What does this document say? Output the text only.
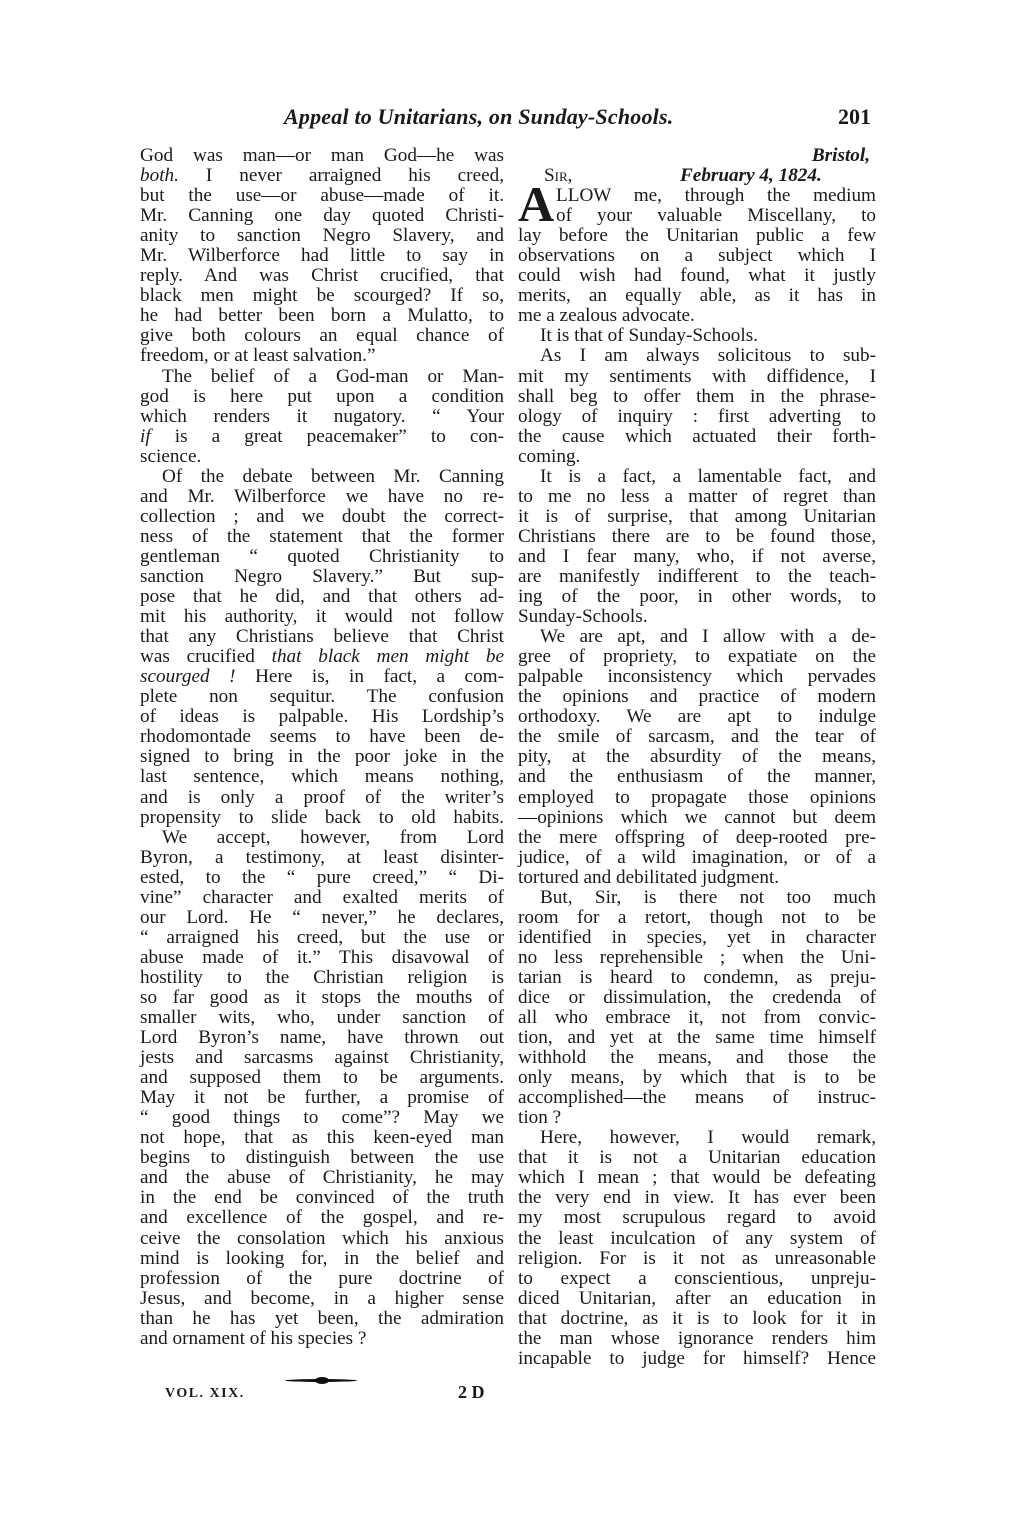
Appeal to Unitarians, on Sunday-Schools.	201
God was man—or man God—he was
both. I never arraigned his creed,
but the use—or abuse—made of it.
Mr. Canning one day quoted Christi-
anity to sanction Negro Slavery, and
Mr. Wilberforce had little to say in
reply. And was Christ crucified, that
black men might be scourged? If so,
he had better been born a Mulatto, to
give both colours an equal chance of
freedom, or at least salvation.”
The belief of a God-man or Man-
god is here put upon a condition
which renders it nugatory. “ Your
if is a great peacemaker” to con-
science.
Of the debate between Mr. Canning
and Mr. Wilberforce we have no re-
collection ; and we doubt the correct-
ness of the statement that the former
gentleman “ quoted Christianity to
sanction Negro Slavery.” But sup-
pose that he did, and that others ad-
mit his authority, it would not follow
that any Christians believe that Christ
was crucified that black men might be
scourged ! Here is, in fact, a com-
plete non sequitur. The confusion
of ideas is palpable. His Lordship’s
rhodomontade seems to have been de-
signed to bring in the poor joke in the
last sentence, which means nothing,
and is only a proof of the writer’s
propensity to slide back to old habits.
We accept, however, from Lord
Byron, a testimony, at least disinter-
ested, to the “ pure creed,” “ Di-
vine” character and exalted merits of
our Lord. He “ never,” he declares,
“ arraigned his creed, but the use or
abuse made of it.” This disavowal of
hostility to the Christian religion is
so far good as it stops the mouths of
smaller wits, who, under sanction of
Lord Byron’s name, have thrown out
jests and sarcasms against Christianity,
and supposed them to be arguments.
May it not be further, a promise of
“ good things to come”? May we
not hope, that as this keen-eyed man
begins to distinguish between the use
and the abuse of Christianity, he may
in the end be convinced of the truth
and excellence of the gospel, and re-
ceive the consolation which his anxious
mind is looking for, in the belief and
profession of the pure doctrine of
Jesus, and become, in a higher sense
than he has yet been, the admiration
and ornament of his species ?
Bristol,
Sir,	February 4, 1824.
A LLOW me, through the medium
of your valuable Miscellany, to
lay before the Unitarian public a few
observations on a subject which I
could wish had found, what it justly
merits, an equally able, as it has in
me a zealous advocate.
It is that of Sunday-Schools.
As I am always solicitous to sub-
mit my sentiments with diffidence, I
shall beg to offer them in the phrase-
ology of inquiry : first adverting to
the cause which actuated their forth-
coming.
It is a fact, a lamentable fact, and
to me no less a matter of regret than
it is of surprise, that among Unitarian
Christians there are to be found those,
and I fear many, who, if not averse,
are manifestly indifferent to the teach-
ing of the poor, in other words, to
Sunday-Schools.
We are apt, and I allow with a de-
gree of propriety, to expatiate on the
palpable inconsistency which pervades
the opinions and practice of modern
orthodoxy. We are apt to indulge
the smile of sarcasm, and the tear of
pity, at the absurdity of the means,
and the enthusiasm of the manner,
employed to propagate those opinions
—opinions which we cannot but deem
the mere offspring of deep-rooted pre-
judice, of a wild imagination, or of a
tortured and debilitated judgment.
But, Sir, is there not too much
room for a retort, though not to be
identified in species, yet in character
no less reprehensible ; when the Uni-
tarian is heard to condemn, as preju-
dice or dissimulation, the credenda of
all who embrace it, not from convic-
tion, and yet at the same time himself
withhold the means, and those the
only means, by which that is to be
accomplished—the means of instruc-
tion ?
Here, however, I would remark,
that it is not a Unitarian education
which I mean ; that would be defeating
the very end in view. It has ever been
my most scrupulous regard to avoid
the least inculcation of any system of
religion. For is it not as unreasonable
to expect a conscientious, unpreju-
diced Unitarian, after an education in
that doctrine, as it is to look for it in
the man whose ignorance renders him
incapable to judge for himself? Hence
VOL. XIX.	2 D
